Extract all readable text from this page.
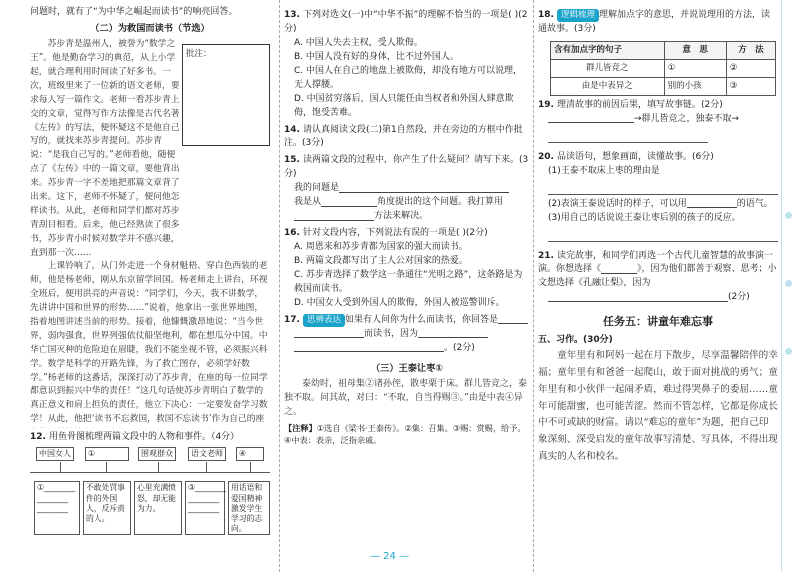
问题时，就有了“为中华之崛起而读书”的响亮回答。
（二）为救国而读书（节选）

苏步青是温州人，被誉为“数学之王”。他是勤奋学习的典范，从上小学起，就合理利用时间读了好多书。一次，班级里来了一位新的语文老师，要求每人写一篇作文。老师一看苏步青上交的文章，觉得写作方法像是古代名著《左传》的写法，便怀疑这不是他自己写的，就找来苏步青提问。苏步青说：“是我自己写的。”老师看他，随便点了《左传》中的一篇文章，要他背出来。苏步青一字不差地把那篇文章背了出来。这下，老师不怀疑了，便问他怎样读书。从此，老师和同学们都对苏步青刮目相看。后来，他已经熟读了很多书，苏步青小时候对数学并不感兴趣，直到那一次……

上课铃响了，从门外走进一个身材魁梧、穿白色西装的老师，他是杨老师，刚从东京留学回国。杨老师走上讲台，环视全班后，便用洪亮的声音说：“同学们，今天，我不讲数学，先讲讲中国和世界的形势……”说着，他拿出一张世界地图，指着地图讲述当前的形势。接着，他慷慨激昂地说：“当今世界，弱肉强食，世界列强依仗船坚炮利，都在想瓜分中国。中华亡国灭种的危险迫在眉睫，我们不能坐视不管，必须振兴科学。数学是科学的开路先锋，为了救亡图存，必须学好数学。”杨老师的这番话，深深打动了苏步青，在座的每一位同学都意识到振兴中华的责任！“这几句话使苏步青明白了数学的真正意义和肩上担负的责任，他立下决心：一定要发奋学习数学！从此，他把‘读书不忘救国，救国不忘读书’作为自己的座

12. 用鱼骨图梳理两篇文段中的人物和事件。（4分）
中国女人	①	围观群众	语文老师	④
①________
________
________
不敢处罚事件的外国人，反斥责的人。
心里充满愤怒，却无能为力。
③________
________
________
用话语和爱国精神激发学生学习的志向。
批注：
13. 下列对选文(一)中“中华不振”的理解不恰当的一项是( )(2分)
A. 中国人失去主权，受人欺侮。
B. 中国人没有好的身体，比不过外国人。
C. 中国人在自己的地盘上被欺侮，却没有地方可以说理，无人撑腰。
D. 中国贫穷落后，国人只能任由当权者和外国人肆意欺侮，饱受苦难。
14. 请认真阅读文段(二)第1自然段，并在旁边的方框中作批注。(3分)
15. 读两篇文段的过程中，你产生了什么疑问？请写下来。(3分)
我的问题是
我是从	角度提出的这个问题。我打算用
方法来解决。
16. 针对文段内容，下列说法有误的一项是( )(2分)
A. 周恩来和苏步青都为国家的强大而读书。
B. 两篇文段都写出了主人公对国家的热爱。
C. 苏步青选择了数学这一条通往“光明之路”，这条路是为救国而读书。
D. 中国女人受到外国人的欺侮，外国人被巡警训斥。
17. 思辨表达 如果有人问你为什么而读书，你回答是
而读书，因为
。(2分)
（三）王泰让枣①

泰幼时，祖母集②诸孙侄，散枣栗于床。群儿皆竞之，泰独不取。问其故，对曰：“不取，自当得赐③。”由是中表④异之。

【注释】①选自《梁书·王泰传》。②集：召集。③赐：赏赐，给予。④中表：表亲，泛指亲戚。
— 24 —
18. 逻辑梳理 理解加点字的意思，并说说理用的方法，读通故事。(3分)
含有加点字的句子	意　思	方　法
群儿皆竞之	①	②
由是中表异之	别的小孩	③
19. 理清故事的前因后果，填写故事链。(2分)
→群儿皆竞之，独泰不取→
20. 品读语句，想象画面，读懂故事。(6分)
(1)王泰不取床上枣的理由是
(2)表演王泰说话时的样子，可以用	的语气。
(3)用自己的话说说王泰让枣后别的孩子的反应。
21. 读完故事，和同学们再选一个古代儿童智慧的故事演一演。你想选择《	》，因为他们都善于观察、思考；小文想选择《孔融让梨》，因为
(2分)
任务五：讲童年难忘事
五、习作。(30分)

童年里有和阿妈一起在月下散步，尽享温馨陪伴的幸福；童年里有和爸爸一起爬山，敢于面对挑战的勇气；童年里有和小伙伴一起闹矛盾，难过得哭鼻子的委屈……童年可能甜蜜，也可能苦涩。然而不管怎样，它都是你成长中不可或缺的财富。请以“难忘的童年”为题，把自己印象深刻、深受启发的童年故事写清楚、写具体，不得出现真实的人名和校名。
